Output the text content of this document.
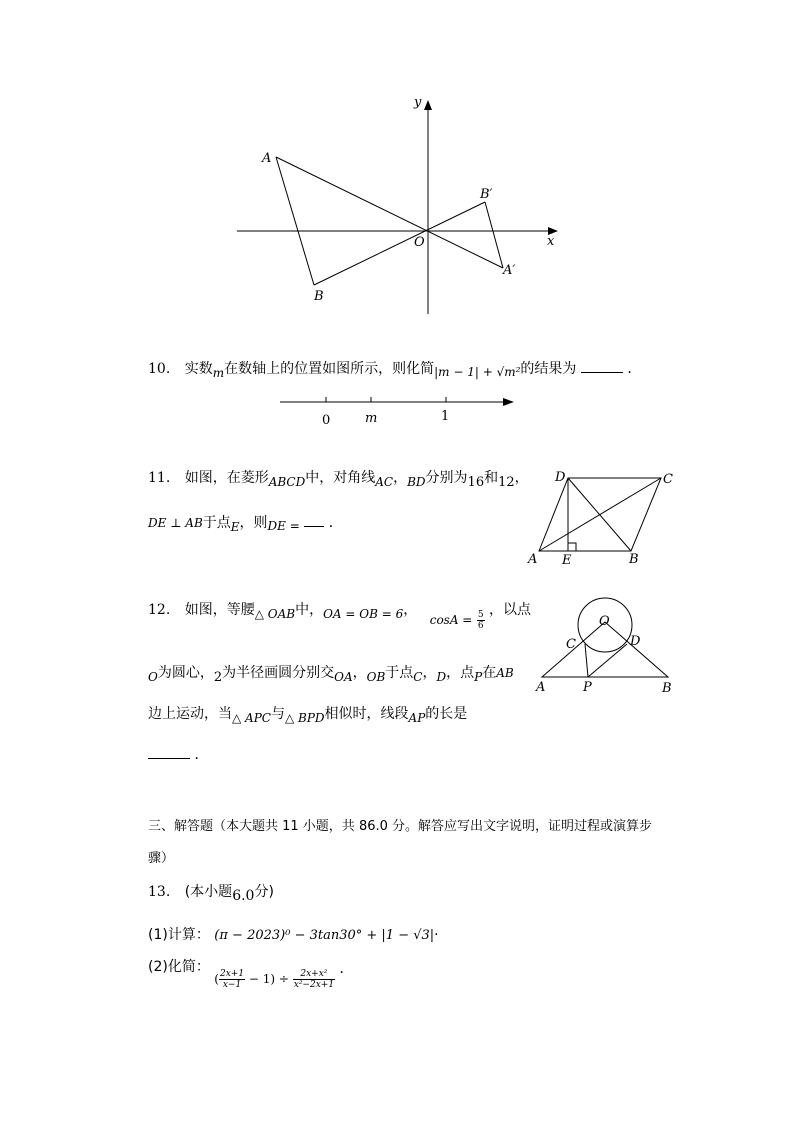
y
x
O
A
B
A′
B′
10. 实数m在数轴上的位置如图所示，则化简|m − 1| + √m²的结果为	．
0	m	1
11. 如图，在菱形ABCD中，对角线AC，BD分别为16和12，
DE ⊥ AB于点E，则DE = ．
D	C
A E	B
12. 如图，等腰△ OAB中，OA = OB = 6， $\cos A = \frac{5}{6}$ ，以点
O为圆心，2为半径画圆分别交OA，OB于点C，D，点P在AB
边上运动，当△ APC与△ BPD相似时，线段AP的长是
．
O
C	D
A	P	B
三、解答题（本大题共 11 小题，共 86.0 分。解答应写出文字说明，证明过程或演算步
骤）
13. (本小题6.0分)
(1)计算： (π − 2023)⁰ − 3tan30° + |1 − √3|·
(2)化简： ( $\frac{2x+1}{x-1} - 1) \div \frac{\text{2x+x²}}{\text{x²−2x+1}}$ ．
